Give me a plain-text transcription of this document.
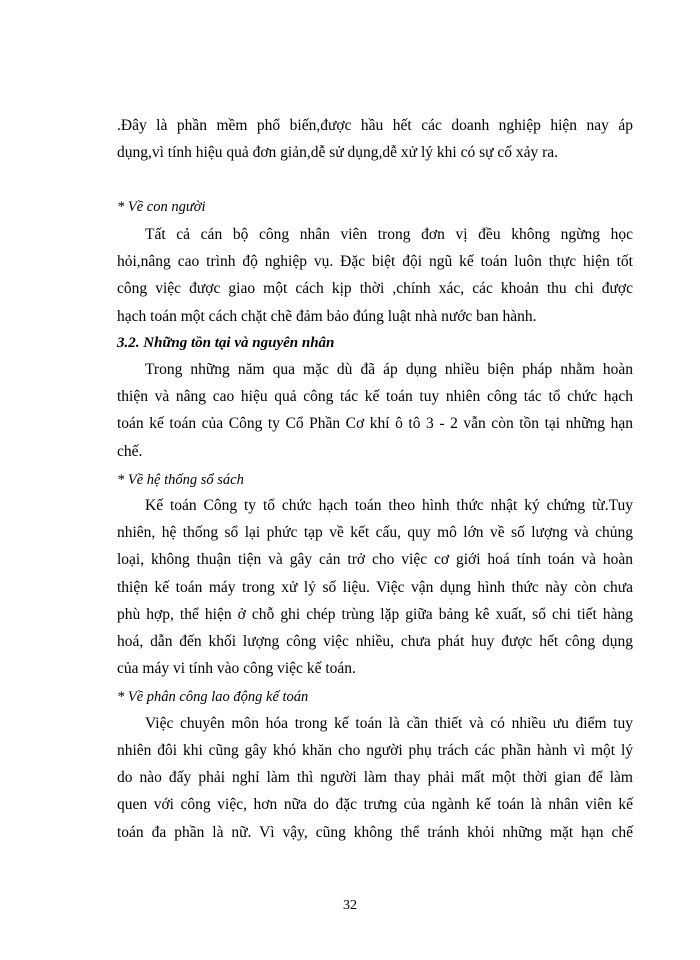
.Đây là phần mềm phổ biến,được hầu hết các doanh nghiệp hiện nay áp
dụng,vì tính hiệu quả đơn giản,dễ sử dụng,dễ xử lý khi có sự cố xảy ra.
* Về con người
Tất cả cán bộ công nhân viên trong đơn vị đều không ngừng học
hỏi,nâng cao trình độ nghiệp vụ. Đặc biệt đội ngũ kế toán luôn thực hiện tốt
công việc được giao một cách kịp thời ,chính xác, các khoản thu chi được
hạch toán một cách chặt chẽ đảm bảo đúng luật nhà nước ban hành.
3.2. Những tồn tại và nguyên nhân
Trong những năm qua mặc dù đã áp dụng nhiều biện pháp nhằm hoàn
thiện và nâng cao hiệu quả công tác kế toán tuy nhiên công tác tổ chức hạch
toán kế toán của Công ty Cổ Phần Cơ khí ô tô 3 - 2 vẫn còn tồn tại những hạn
chế.
* Về hệ thống sổ sách
Kế toán Công ty tổ chức hạch toán theo hình thức nhật ký chứng từ.Tuy
nhiên, hệ thống sổ lại phức tạp về kết cấu, quy mô lớn về số lượng và chủng
loại, không thuận tiện và gây cản trở cho việc cơ giới hoá tính toán và hoàn
thiện kế toán máy trong xử lý số liệu. Việc vận dụng hình thức này còn chưa
phù hợp, thể hiện ở chỗ ghi chép trùng lặp giữa bảng kê xuất, sổ chi tiết hàng
hoá, dẫn đến khối lượng công việc nhiều, chưa phát huy được hết công dụng
của máy vi tính vào công việc kế toán.
* Về phân công lao động kế toán
Việc chuyên môn hóa trong kế toán là cần thiết và có nhiều ưu điểm tuy
nhiên đôi khi cũng gây khó khăn cho người phụ trách các phần hành vì một lý
do nào đấy phải nghỉ làm thì người làm thay phải mất một thời gian để làm
quen với công việc, hơn nữa do đặc trưng của ngành kế toán là nhân viên kế
toán đa phần là nữ. Vì vậy, cũng không thể tránh khỏi những mặt hạn chế
32
